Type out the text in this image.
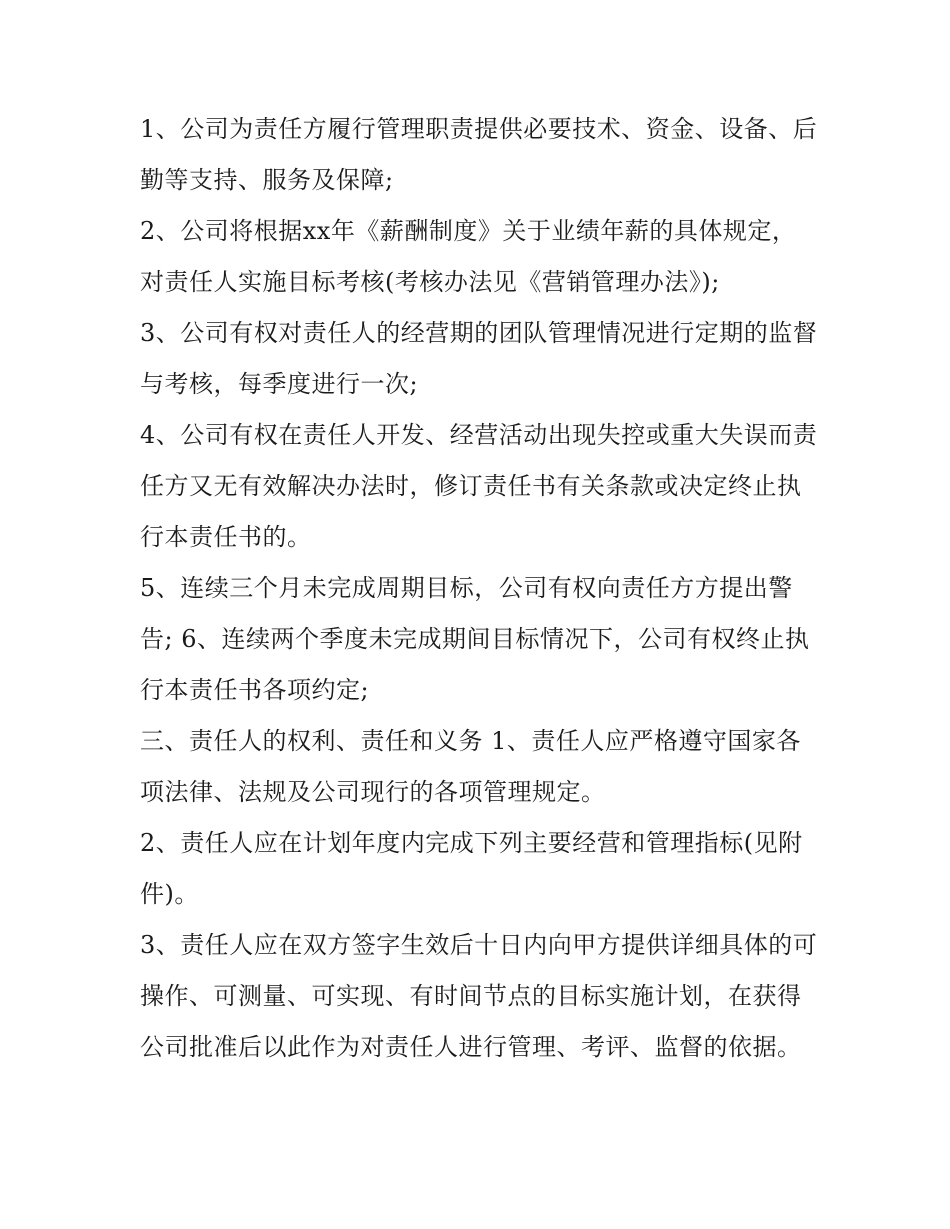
1、公司为责任方履行管理职责提供必要技术、资金、设备、后勤等支持、服务及保障;

2、公司将根据xx年《薪酬制度》关于业绩年薪的具体规定，对责任人实施目标考核(考核办法见《营销管理办法》);

3、公司有权对责任人的经营期的团队管理情况进行定期的监督与考核，每季度进行一次;

4、公司有权在责任人开发、经营活动出现失控或重大失误而责任方又无有效解决办法时，修订责任书有关条款或决定终止执行本责任书的。

5、连续三个月未完成周期目标，公司有权向责任方方提出警告; 6、连续两个季度未完成期间目标情况下，公司有权终止执行本责任书各项约定;

三、责任人的权利、责任和义务 1、责任人应严格遵守国家各项法律、法规及公司现行的各项管理规定。

2、责任人应在计划年度内完成下列主要经营和管理指标(见附件)。

3、责任人应在双方签字生效后十日内向甲方提供详细具体的可操作、可测量、可实现、有时间节点的目标实施计划，在获得公司批准后以此作为对责任人进行管理、考评、监督的依据。
